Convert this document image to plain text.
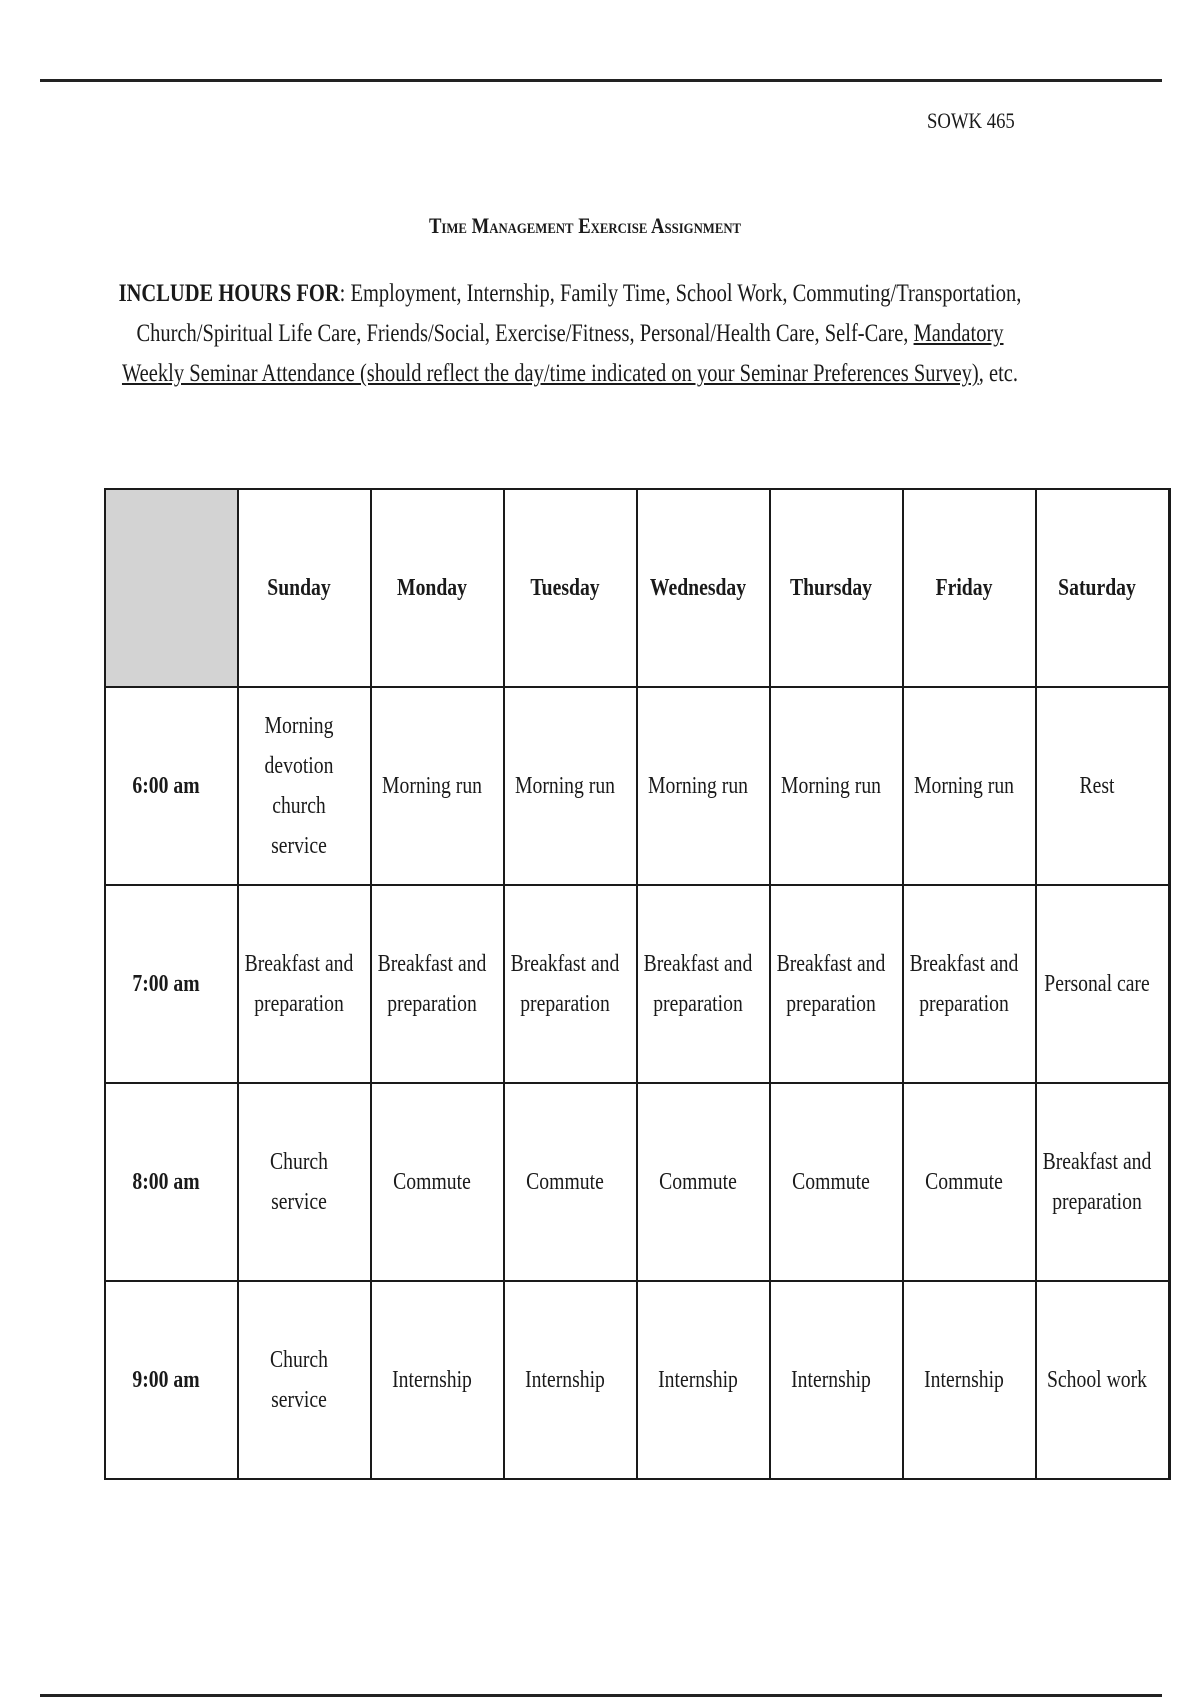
SOWK 465
Time Management Exercise Assignment
INCLUDE HOURS FOR: Employment, Internship, Family Time, School Work, Commuting/Transportation, Church/Spiritual Life Care, Friends/Social, Exercise/Fitness, Personal/Health Care, Self-Care, Mandatory Weekly Seminar Attendance (should reflect the day/time indicated on your Seminar Preferences Survey), etc.
	Sunday	Monday	Tuesday	Wednesday	Thursday	Friday	Saturday
6:00 am	Morning devotion church service	Morning run	Morning run	Morning run	Morning run	Morning run	Rest
7:00 am	Breakfast and preparation	Breakfast and preparation	Breakfast and preparation	Breakfast and preparation	Breakfast and preparation	Breakfast and preparation	Personal care
8:00 am	Church service	Commute	Commute	Commute	Commute	Commute	Breakfast and preparation
9:00 am	Church service	Internship	Internship	Internship	Internship	Internship	School work
